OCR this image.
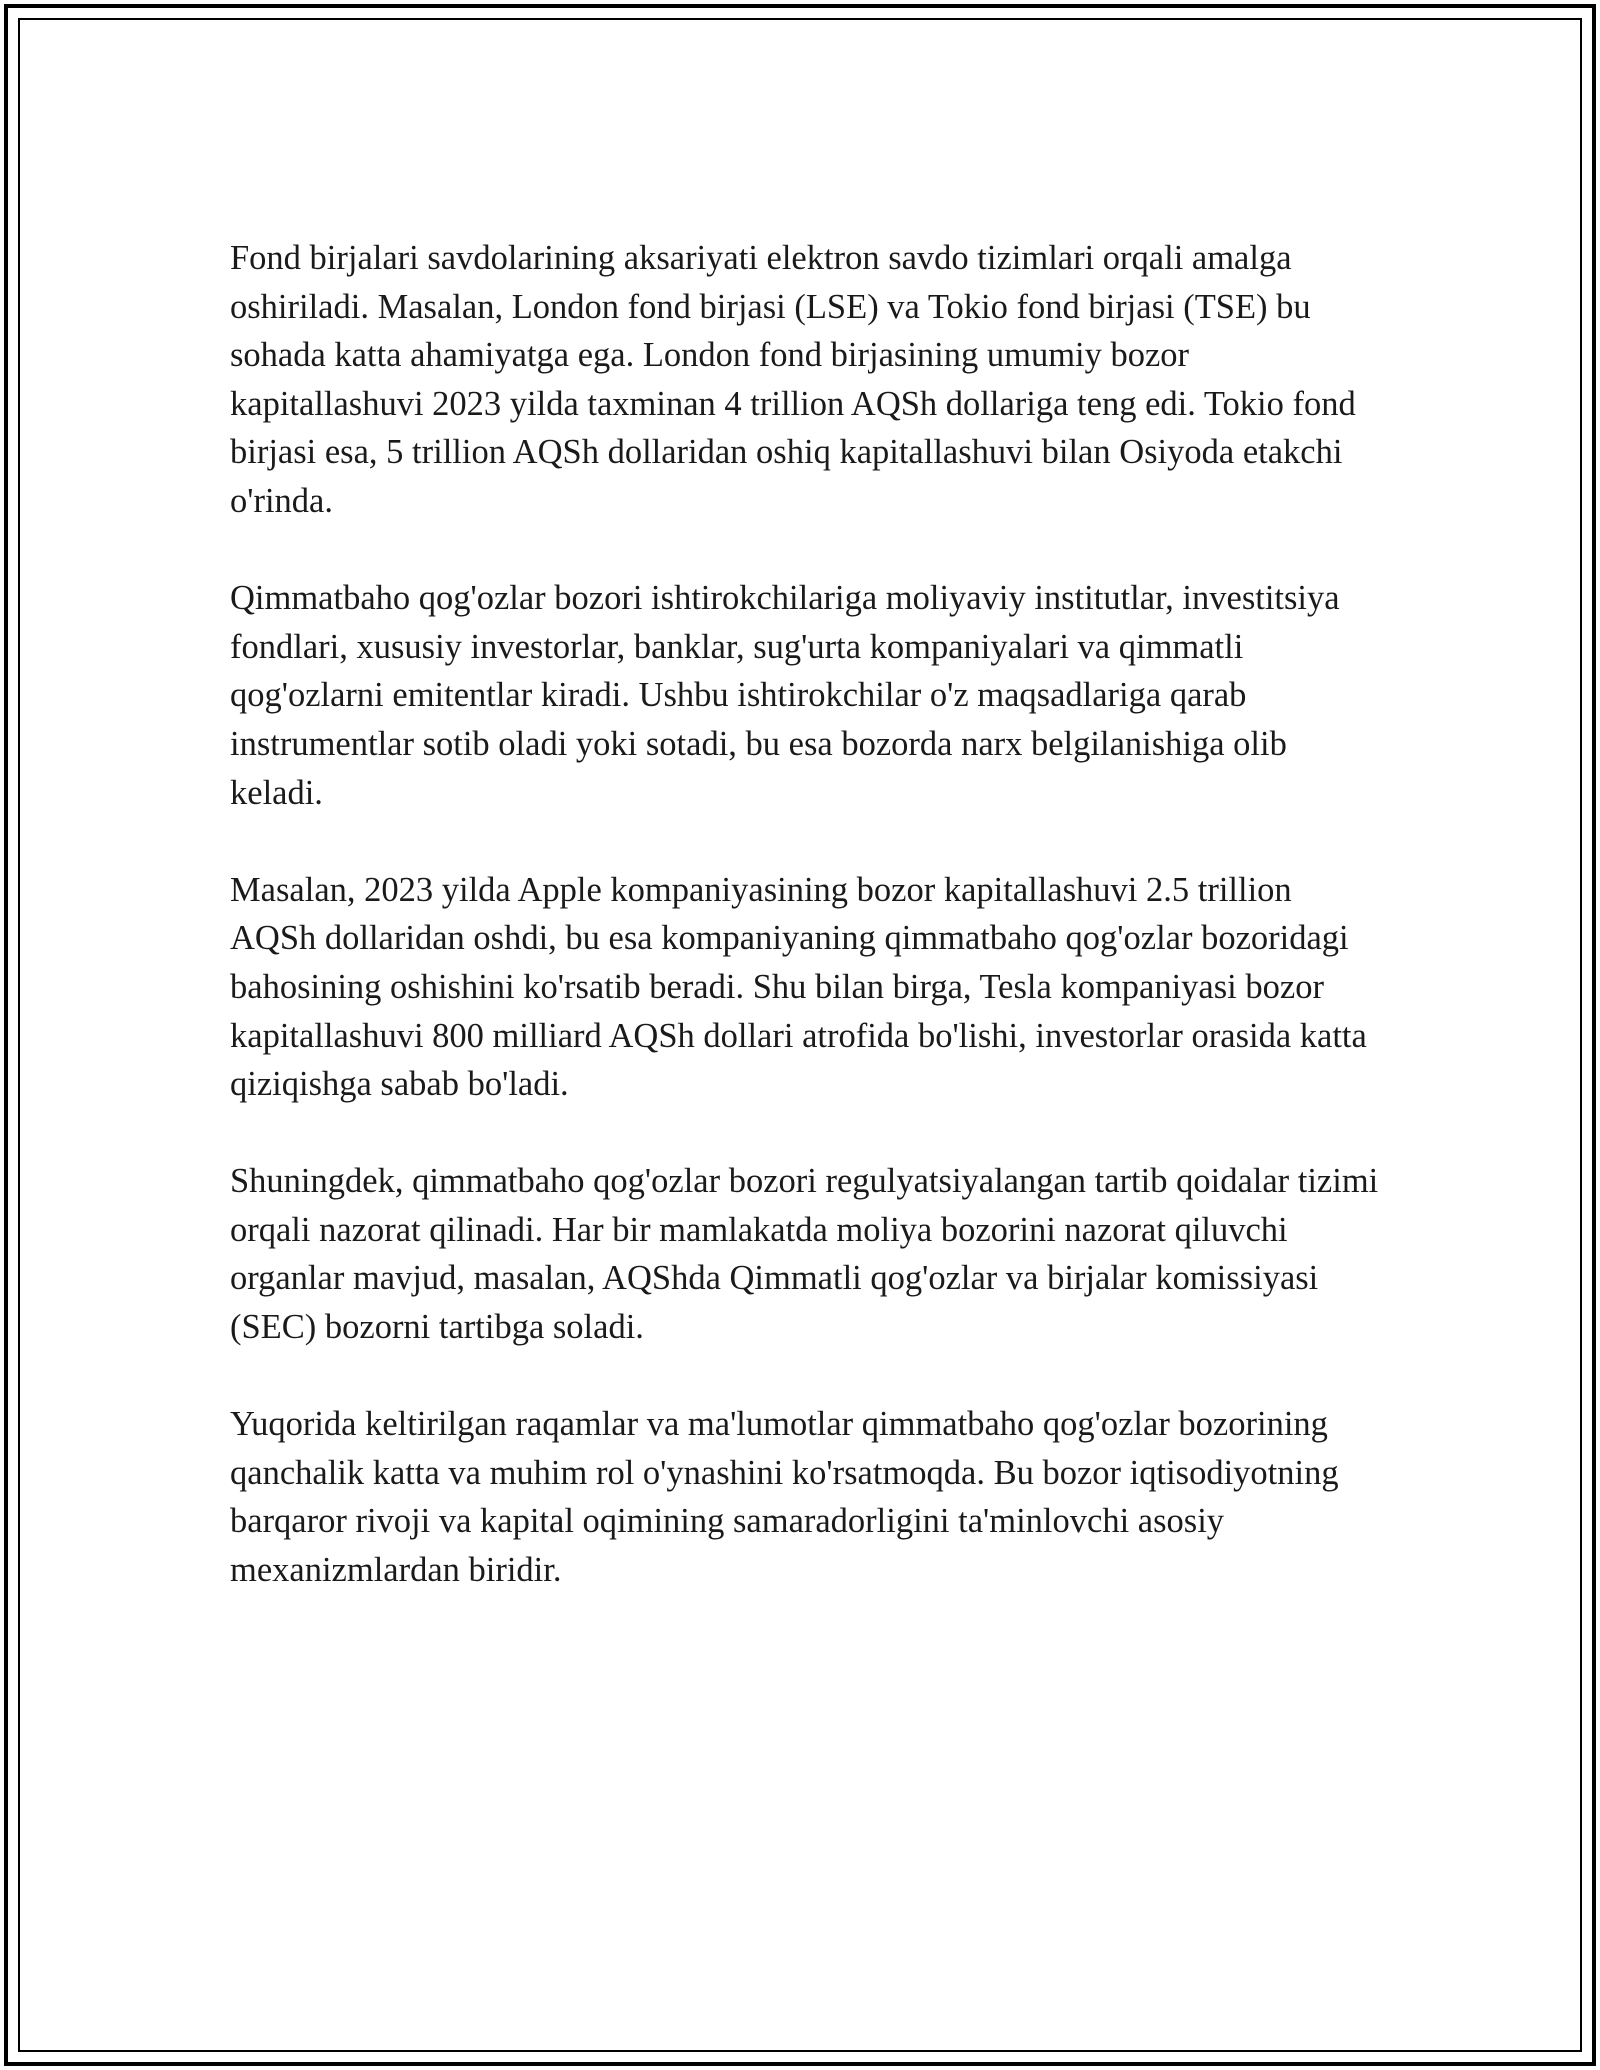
Fond birjalari savdolarining aksariyati elektron savdo tizimlari orqali amalga oshiriladi. Masalan, London fond birjasi (LSE) va Tokio fond birjasi (TSE) bu sohada katta ahamiyatga ega. London fond birjasining umumiy bozor kapitallashuvi 2023 yilda taxminan 4 trillion AQSh dollariga teng edi. Tokio fond birjasi esa, 5 trillion AQSh dollaridan oshiq kapitallashuvi bilan Osiyoda etakchi o'rinda.

Qimmatbaho qog'ozlar bozori ishtirokchilariga moliyaviy institutlar, investitsiya fondlari, xususiy investorlar, banklar, sug'urta kompaniyalari va qimmatli qog'ozlarni emitentlar kiradi. Ushbu ishtirokchilar o'z maqsadlariga qarab instrumentlar sotib oladi yoki sotadi, bu esa bozorda narx belgilanishiga olib keladi.

Masalan, 2023 yilda Apple kompaniyasining bozor kapitallashuvi 2.5 trillion AQSh dollaridan oshdi, bu esa kompaniyaning qimmatbaho qog'ozlar bozoridagi bahosining oshishini ko'rsatib beradi. Shu bilan birga, Tesla kompaniyasi bozor kapitallashuvi 800 milliard AQSh dollari atrofida bo'lishi, investorlar orasida katta qiziqishga sabab bo'ladi.

Shuningdek, qimmatbaho qog'ozlar bozori regulyatsiyalangan tartib qoidalar tizimi orqali nazorat qilinadi. Har bir mamlakatda moliya bozorini nazorat qiluvchi organlar mavjud, masalan, AQShda Qimmatli qog'ozlar va birjalar komissiyasi (SEC) bozorni tartibga soladi.

Yuqorida keltirilgan raqamlar va ma'lumotlar qimmatbaho qog'ozlar bozorining qanchalik katta va muhim rol o'ynashini ko'rsatmoqda. Bu bozor iqtisodiyotning barqaror rivoji va kapital oqimining samaradorligini ta'minlovchi asosiy mexanizmlardan biridir.
